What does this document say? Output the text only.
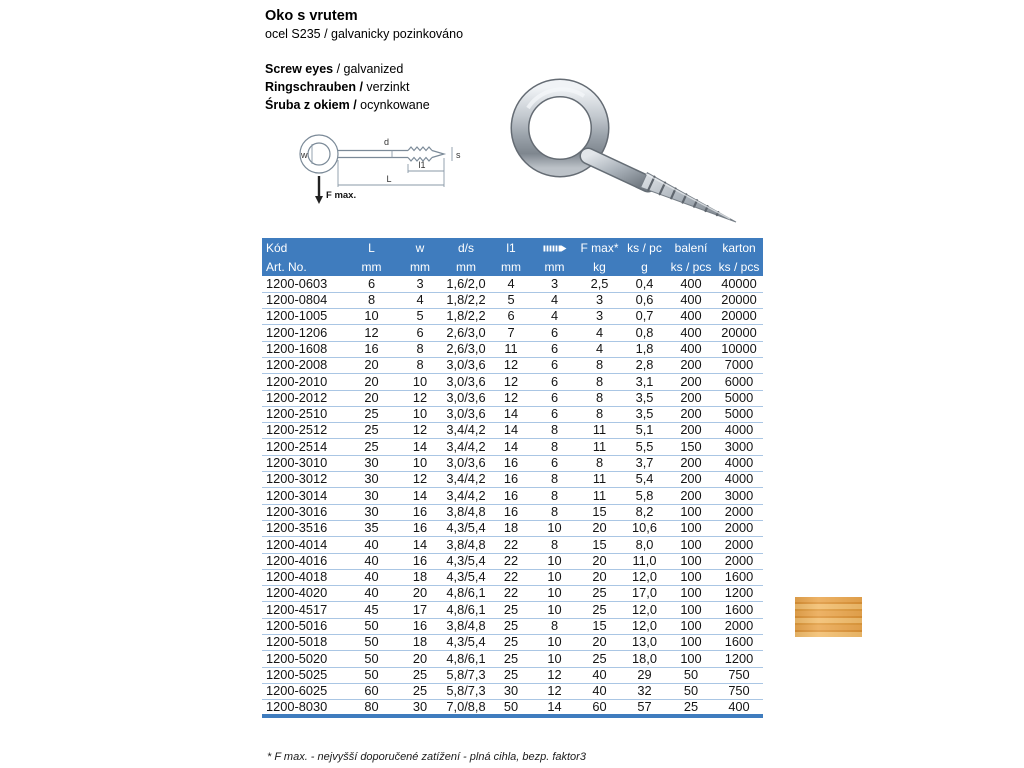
Oko s vrutem
ocel S235 / galvanicky pozinkováno
Screw eyes / galvanized
Ringschrauben / verzinkt
Śruba z okiem / ocynkowane
w
d
s
l1
L
F max.
Kód	L	w	d/s	l1		F max*	ks / pc	balení	karton
Art. No.	mm	mm	mm	mm	mm	kg	g	ks / pcs	ks / pcs
1200-0603	6	3	1,6/2,0	4	3	2,5	0,4	400	40000
1200-0804	8	4	1,8/2,2	5	4	3	0,6	400	20000
1200-1005	10	5	1,8/2,2	6	4	3	0,7	400	20000
1200-1206	12	6	2,6/3,0	7	6	4	0,8	400	20000
1200-1608	16	8	2,6/3,0	11	6	4	1,8	400	10000
1200-2008	20	8	3,0/3,6	12	6	8	2,8	200	7000
1200-2010	20	10	3,0/3,6	12	6	8	3,1	200	6000
1200-2012	20	12	3,0/3,6	12	6	8	3,5	200	5000
1200-2510	25	10	3,0/3,6	14	6	8	3,5	200	5000
1200-2512	25	12	3,4/4,2	14	8	11	5,1	200	4000
1200-2514	25	14	3,4/4,2	14	8	11	5,5	150	3000
1200-3010	30	10	3,0/3,6	16	6	8	3,7	200	4000
1200-3012	30	12	3,4/4,2	16	8	11	5,4	200	4000
1200-3014	30	14	3,4/4,2	16	8	11	5,8	200	3000
1200-3016	30	16	3,8/4,8	16	8	15	8,2	100	2000
1200-3516	35	16	4,3/5,4	18	10	20	10,6	100	2000
1200-4014	40	14	3,8/4,8	22	8	15	8,0	100	2000
1200-4016	40	16	4,3/5,4	22	10	20	11,0	100	2000
1200-4018	40	18	4,3/5,4	22	10	20	12,0	100	1600
1200-4020	40	20	4,8/6,1	22	10	25	17,0	100	1200
1200-4517	45	17	4,8/6,1	25	10	25	12,0	100	1600
1200-5016	50	16	3,8/4,8	25	8	15	12,0	100	2000
1200-5018	50	18	4,3/5,4	25	10	20	13,0	100	1600
1200-5020	50	20	4,8/6,1	25	10	25	18,0	100	1200
1200-5025	50	25	5,8/7,3	25	12	40	29	50	750
1200-6025	60	25	5,8/7,3	30	12	40	32	50	750
1200-8030	80	30	7,0/8,8	50	14	60	57	25	400
* F max. - nejvyšší doporučené zatížení - plná cihla, bezp. faktor3
